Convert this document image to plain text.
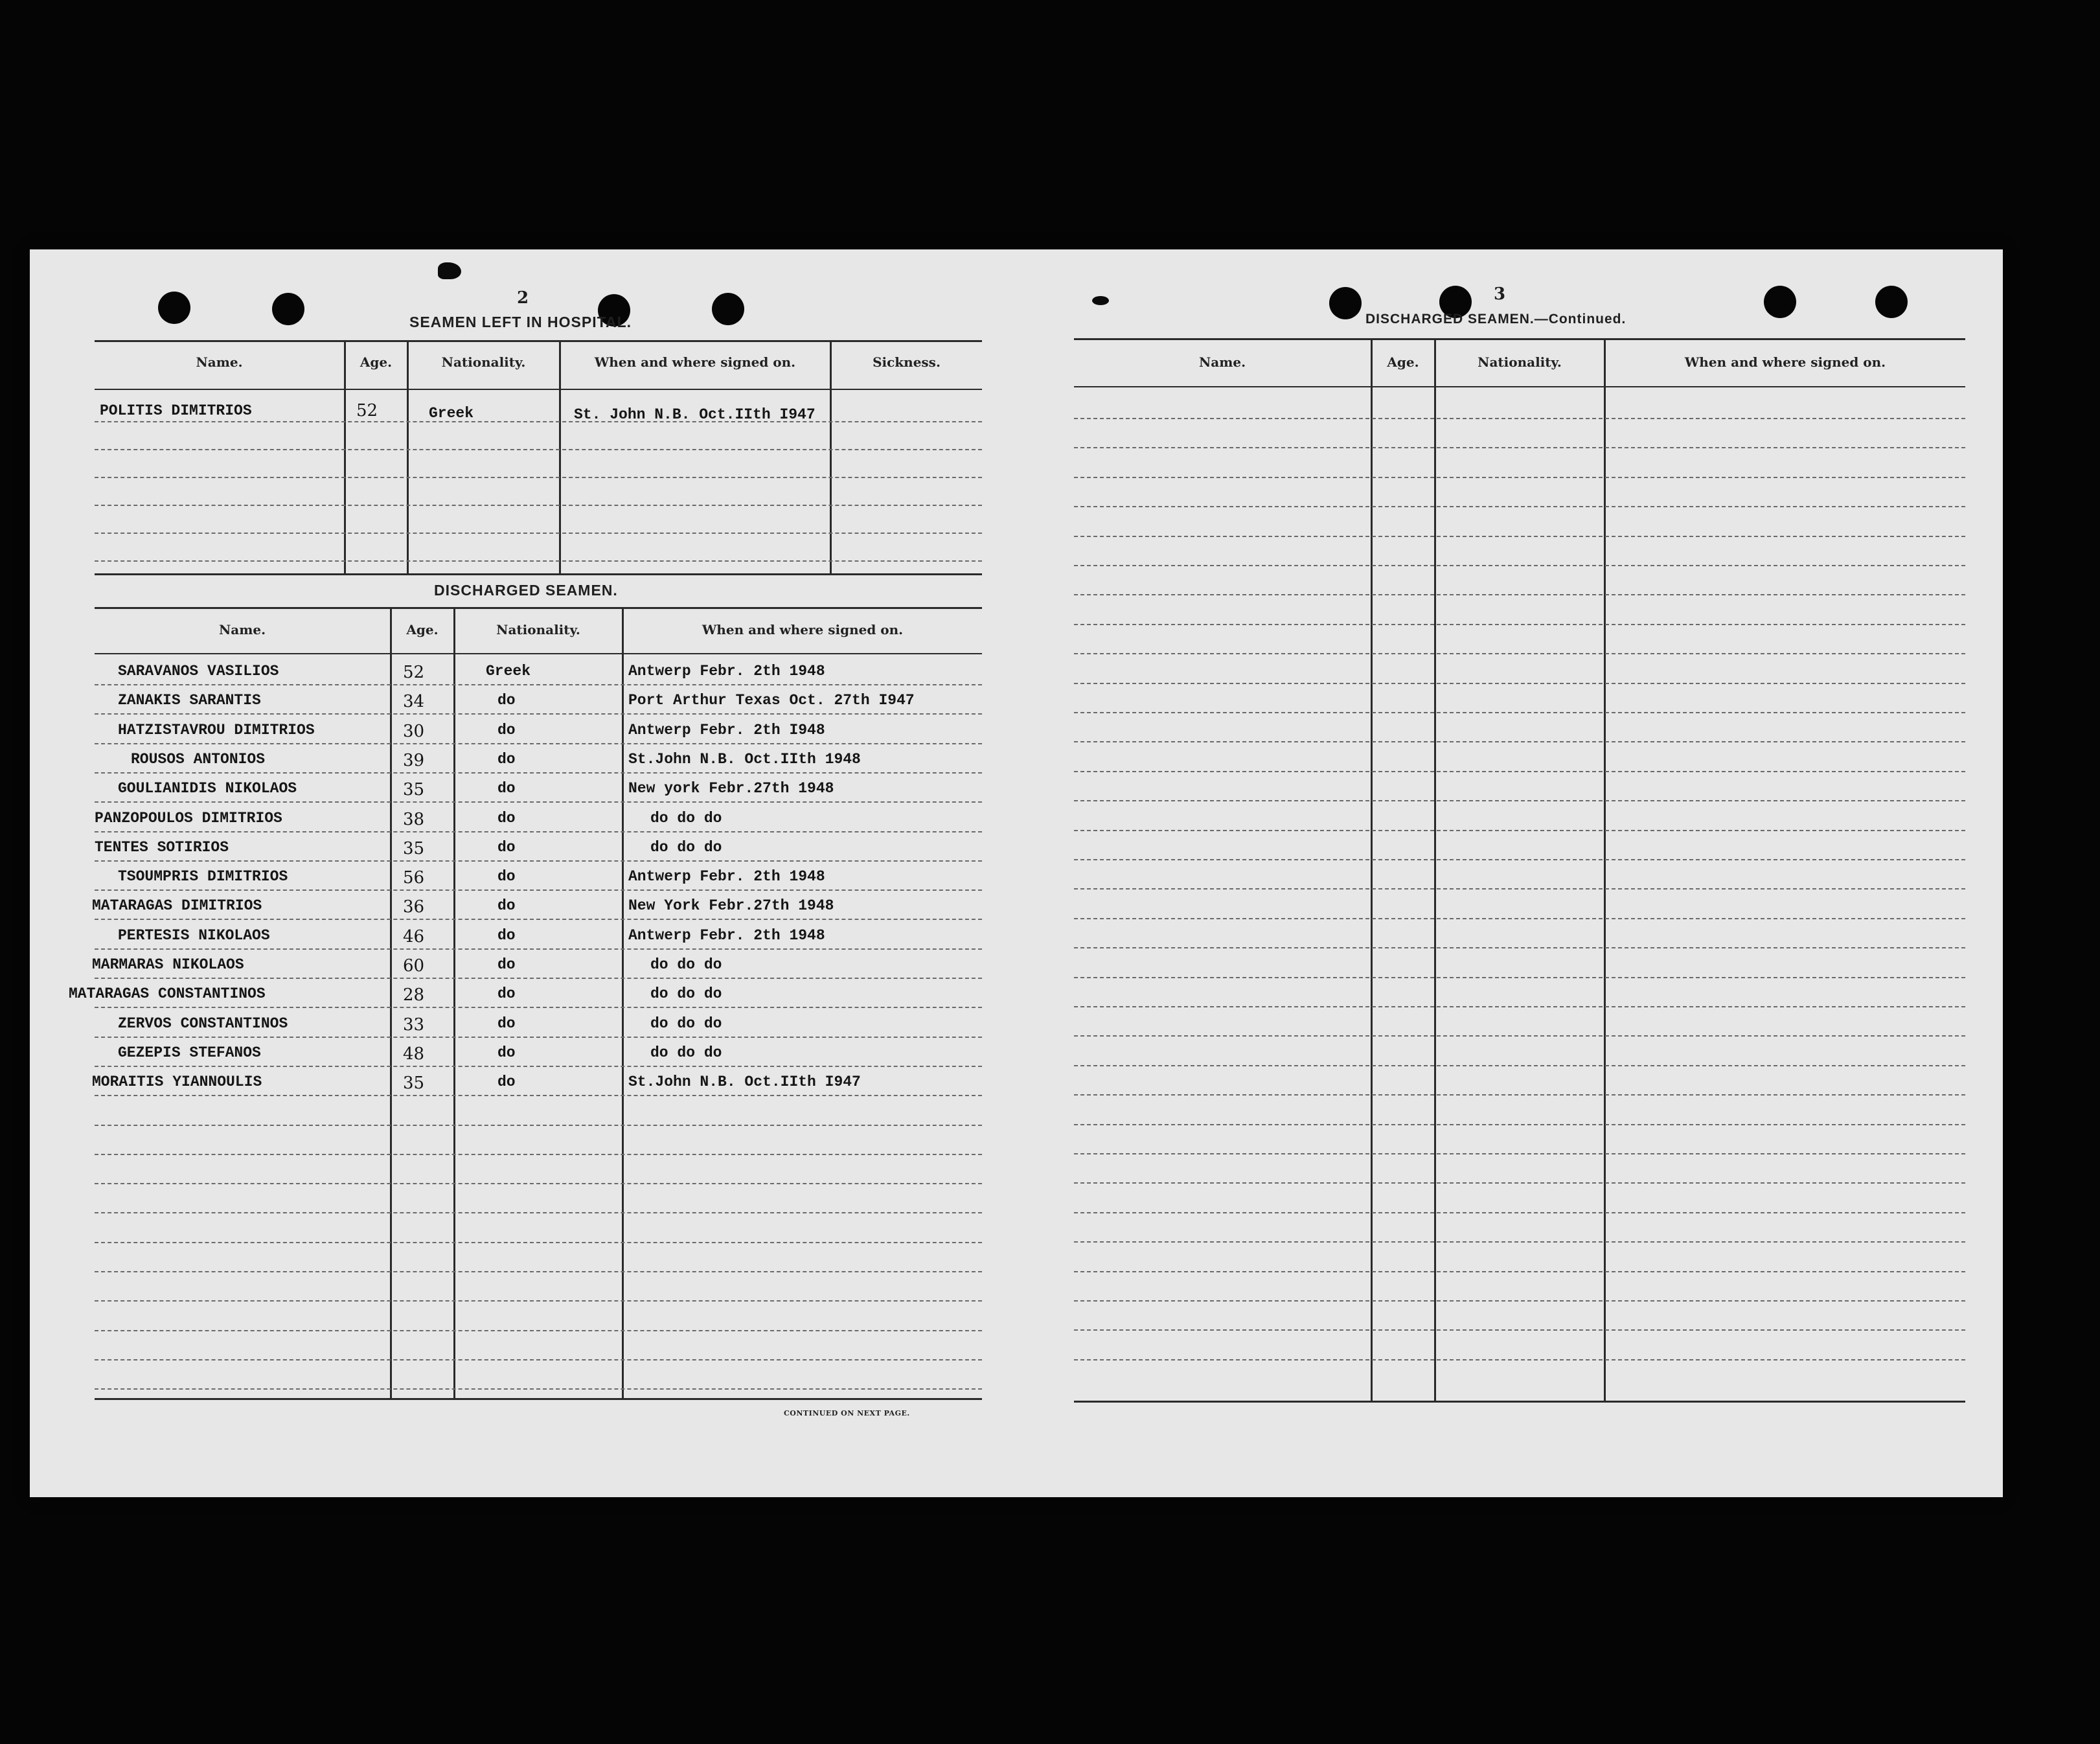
2
SEAMEN LEFT IN HOSPITAL.
Name.	Age.	Nationality.	When and where signed on.	Sickness.
POLITIS DIMITRIOS	52	Greek	St. John N.B. Oct.IIth I947
DISCHARGED SEAMEN.
Name.	Age.	Nationality.	When and where signed on.
SARAVANOS VASILIOS	52	Greek	Antwerp Febr. 2th 1948
ZANAKIS SARANTIS	34	do	Port Arthur Texas Oct. 27th I947
HATZISTAVROU DIMITRIOS	30	do	Antwerp Febr. 2th I948
ROUSOS ANTONIOS	39	do	St.John N.B. Oct.IIth 1948
GOULIANIDIS NIKOLAOS	35	do	New york Febr.27th 1948
PANZOPOULOS DIMITRIOS	38	do	do do do
TENTES SOTIRIOS	35	do	do do do
TSOUMPRIS DIMITRIOS	56	do	Antwerp Febr. 2th 1948
MATARAGAS DIMITRIOS	36	do	New York Febr.27th 1948
PERTESIS NIKOLAOS	46	do	Antwerp Febr. 2th 1948
MARMARAS NIKOLAOS	60	do	do do do
MATARAGAS CONSTANTINOS	28	do	do do do
ZERVOS CONSTANTINOS	33	do	do do do
GEZEPIS STEFANOS	48	do	do do do
MORAITIS YIANNOULIS	35	do	St.John N.B. Oct.IIth I947
CONTINUED ON NEXT PAGE.
3
DISCHARGED SEAMEN.—Continued.
Name.	Age.	Nationality.	When and where signed on.
